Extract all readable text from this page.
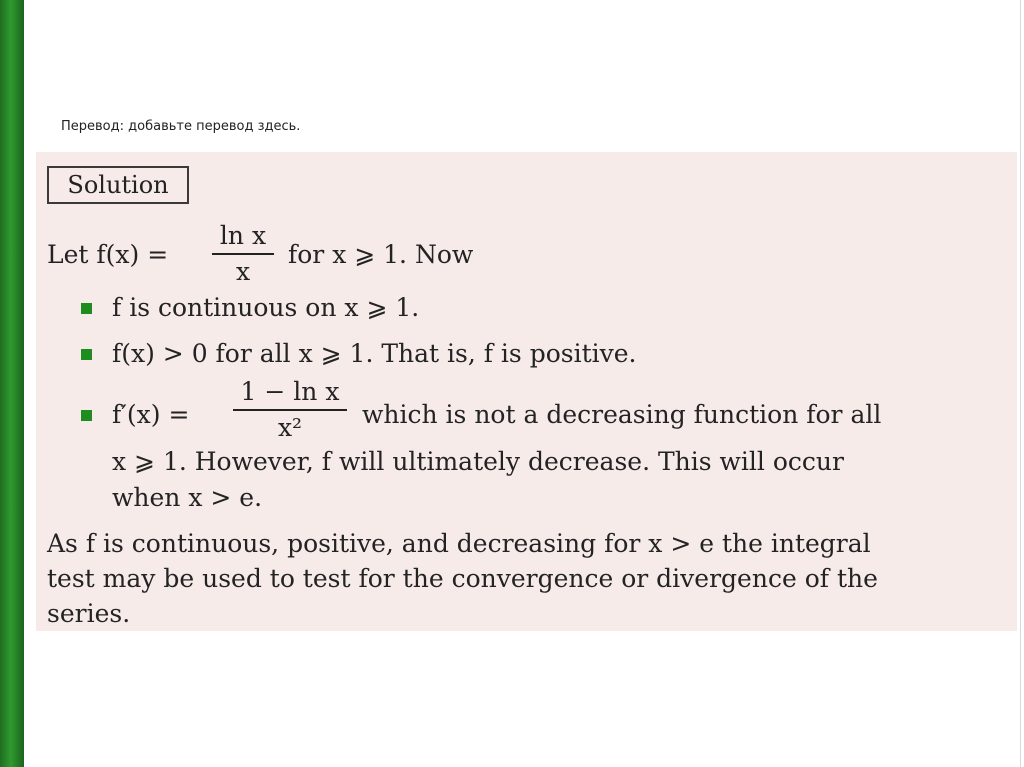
Перевод: добавьте перевод здесь.
Solution
Let f(x) =
ln x
x
for x ⩾ 1. Now
f is continuous on x ⩾ 1.
f(x) > 0 for all x ⩾ 1. That is, f is positive.
f′(x) =
1 − ln x
x²	which is not a decreasing function for all
x ⩾ 1. However, f will ultimately decrease. This will occur
when x > e.
As f is continuous, positive, and decreasing for x > e the integral
test may be used to test for the convergence or divergence of the
series.
